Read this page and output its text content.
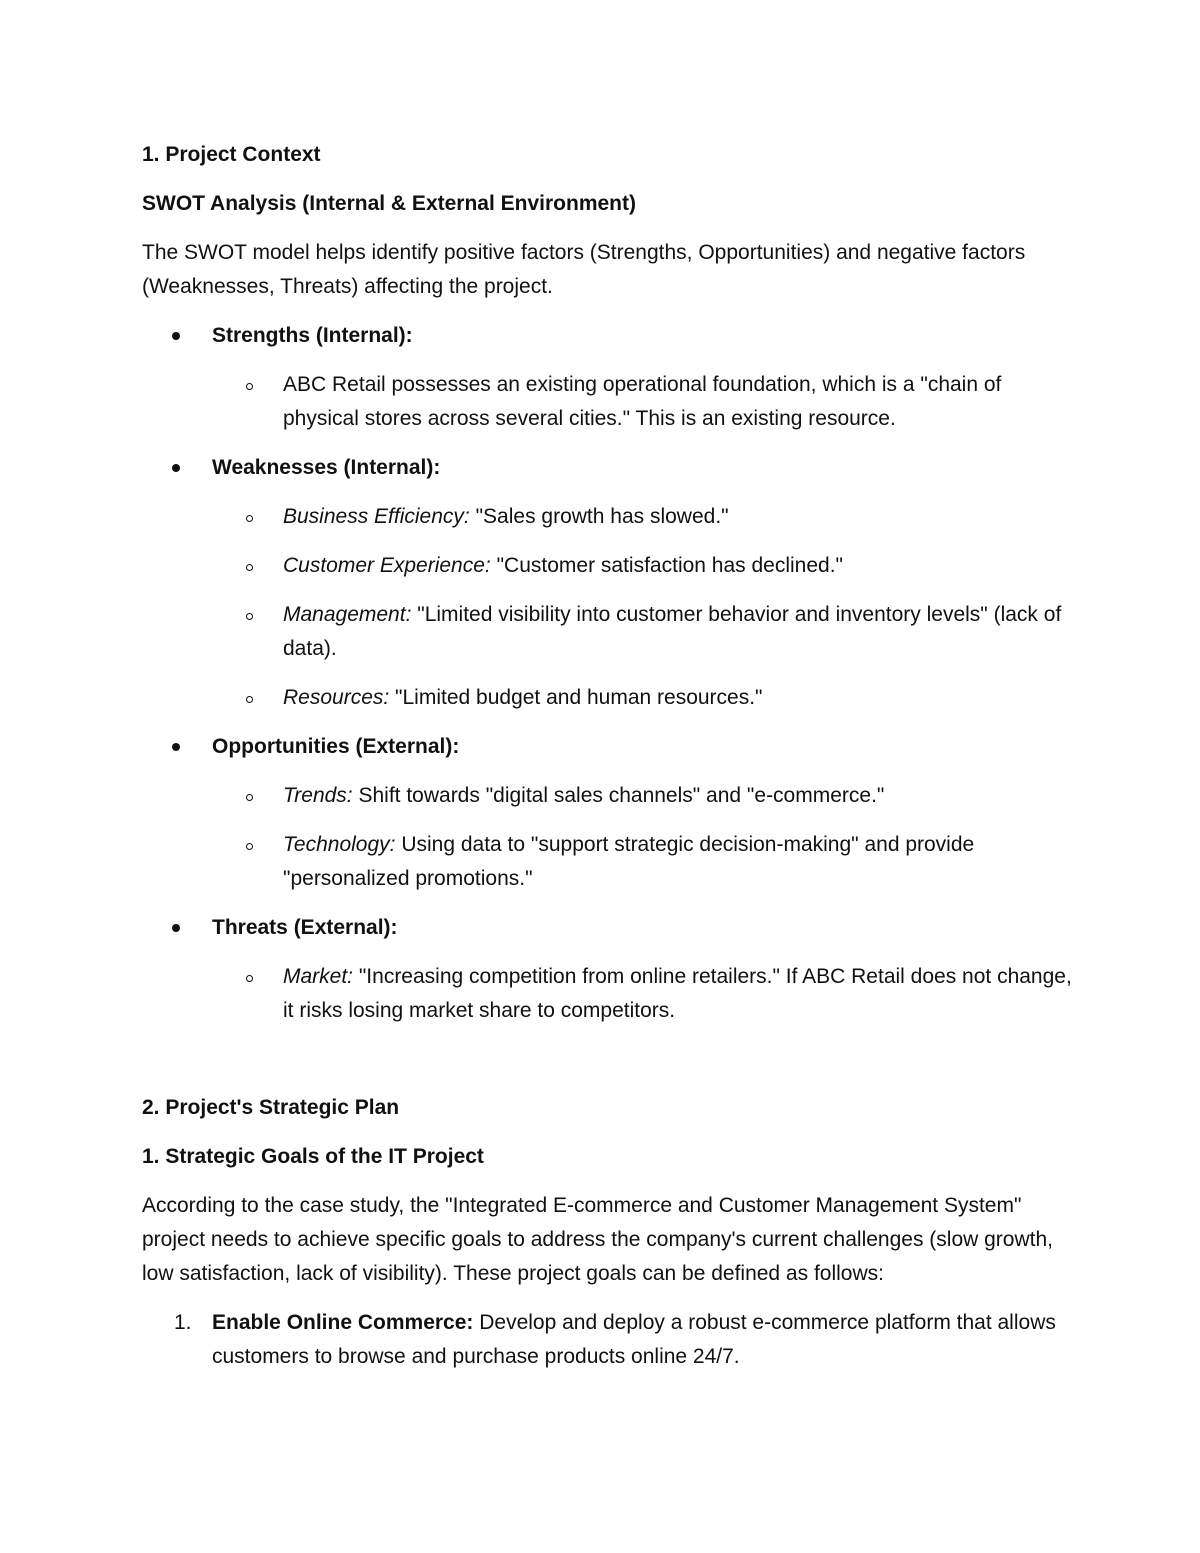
1. Project Context
SWOT Analysis (Internal & External Environment)
The SWOT model helps identify positive factors (Strengths, Opportunities) and negative factors (Weaknesses, Threats) affecting the project.
Strengths (Internal):
ABC Retail possesses an existing operational foundation, which is a "chain of physical stores across several cities." This is an existing resource.
Weaknesses (Internal):
Business Efficiency: "Sales growth has slowed."
Customer Experience: "Customer satisfaction has declined."
Management: "Limited visibility into customer behavior and inventory levels" (lack of data).
Resources: "Limited budget and human resources."
Opportunities (External):
Trends: Shift towards "digital sales channels" and "e-commerce."
Technology: Using data to "support strategic decision-making" and provide "personalized promotions."
Threats (External):
Market: "Increasing competition from online retailers." If ABC Retail does not change, it risks losing market share to competitors.
2. Project's Strategic Plan
1. Strategic Goals of the IT Project
According to the case study, the "Integrated E-commerce and Customer Management System" project needs to achieve specific goals to address the company's current challenges (slow growth, low satisfaction, lack of visibility). These project goals can be defined as follows:
1. Enable Online Commerce: Develop and deploy a robust e-commerce platform that allows customers to browse and purchase products online 24/7.
